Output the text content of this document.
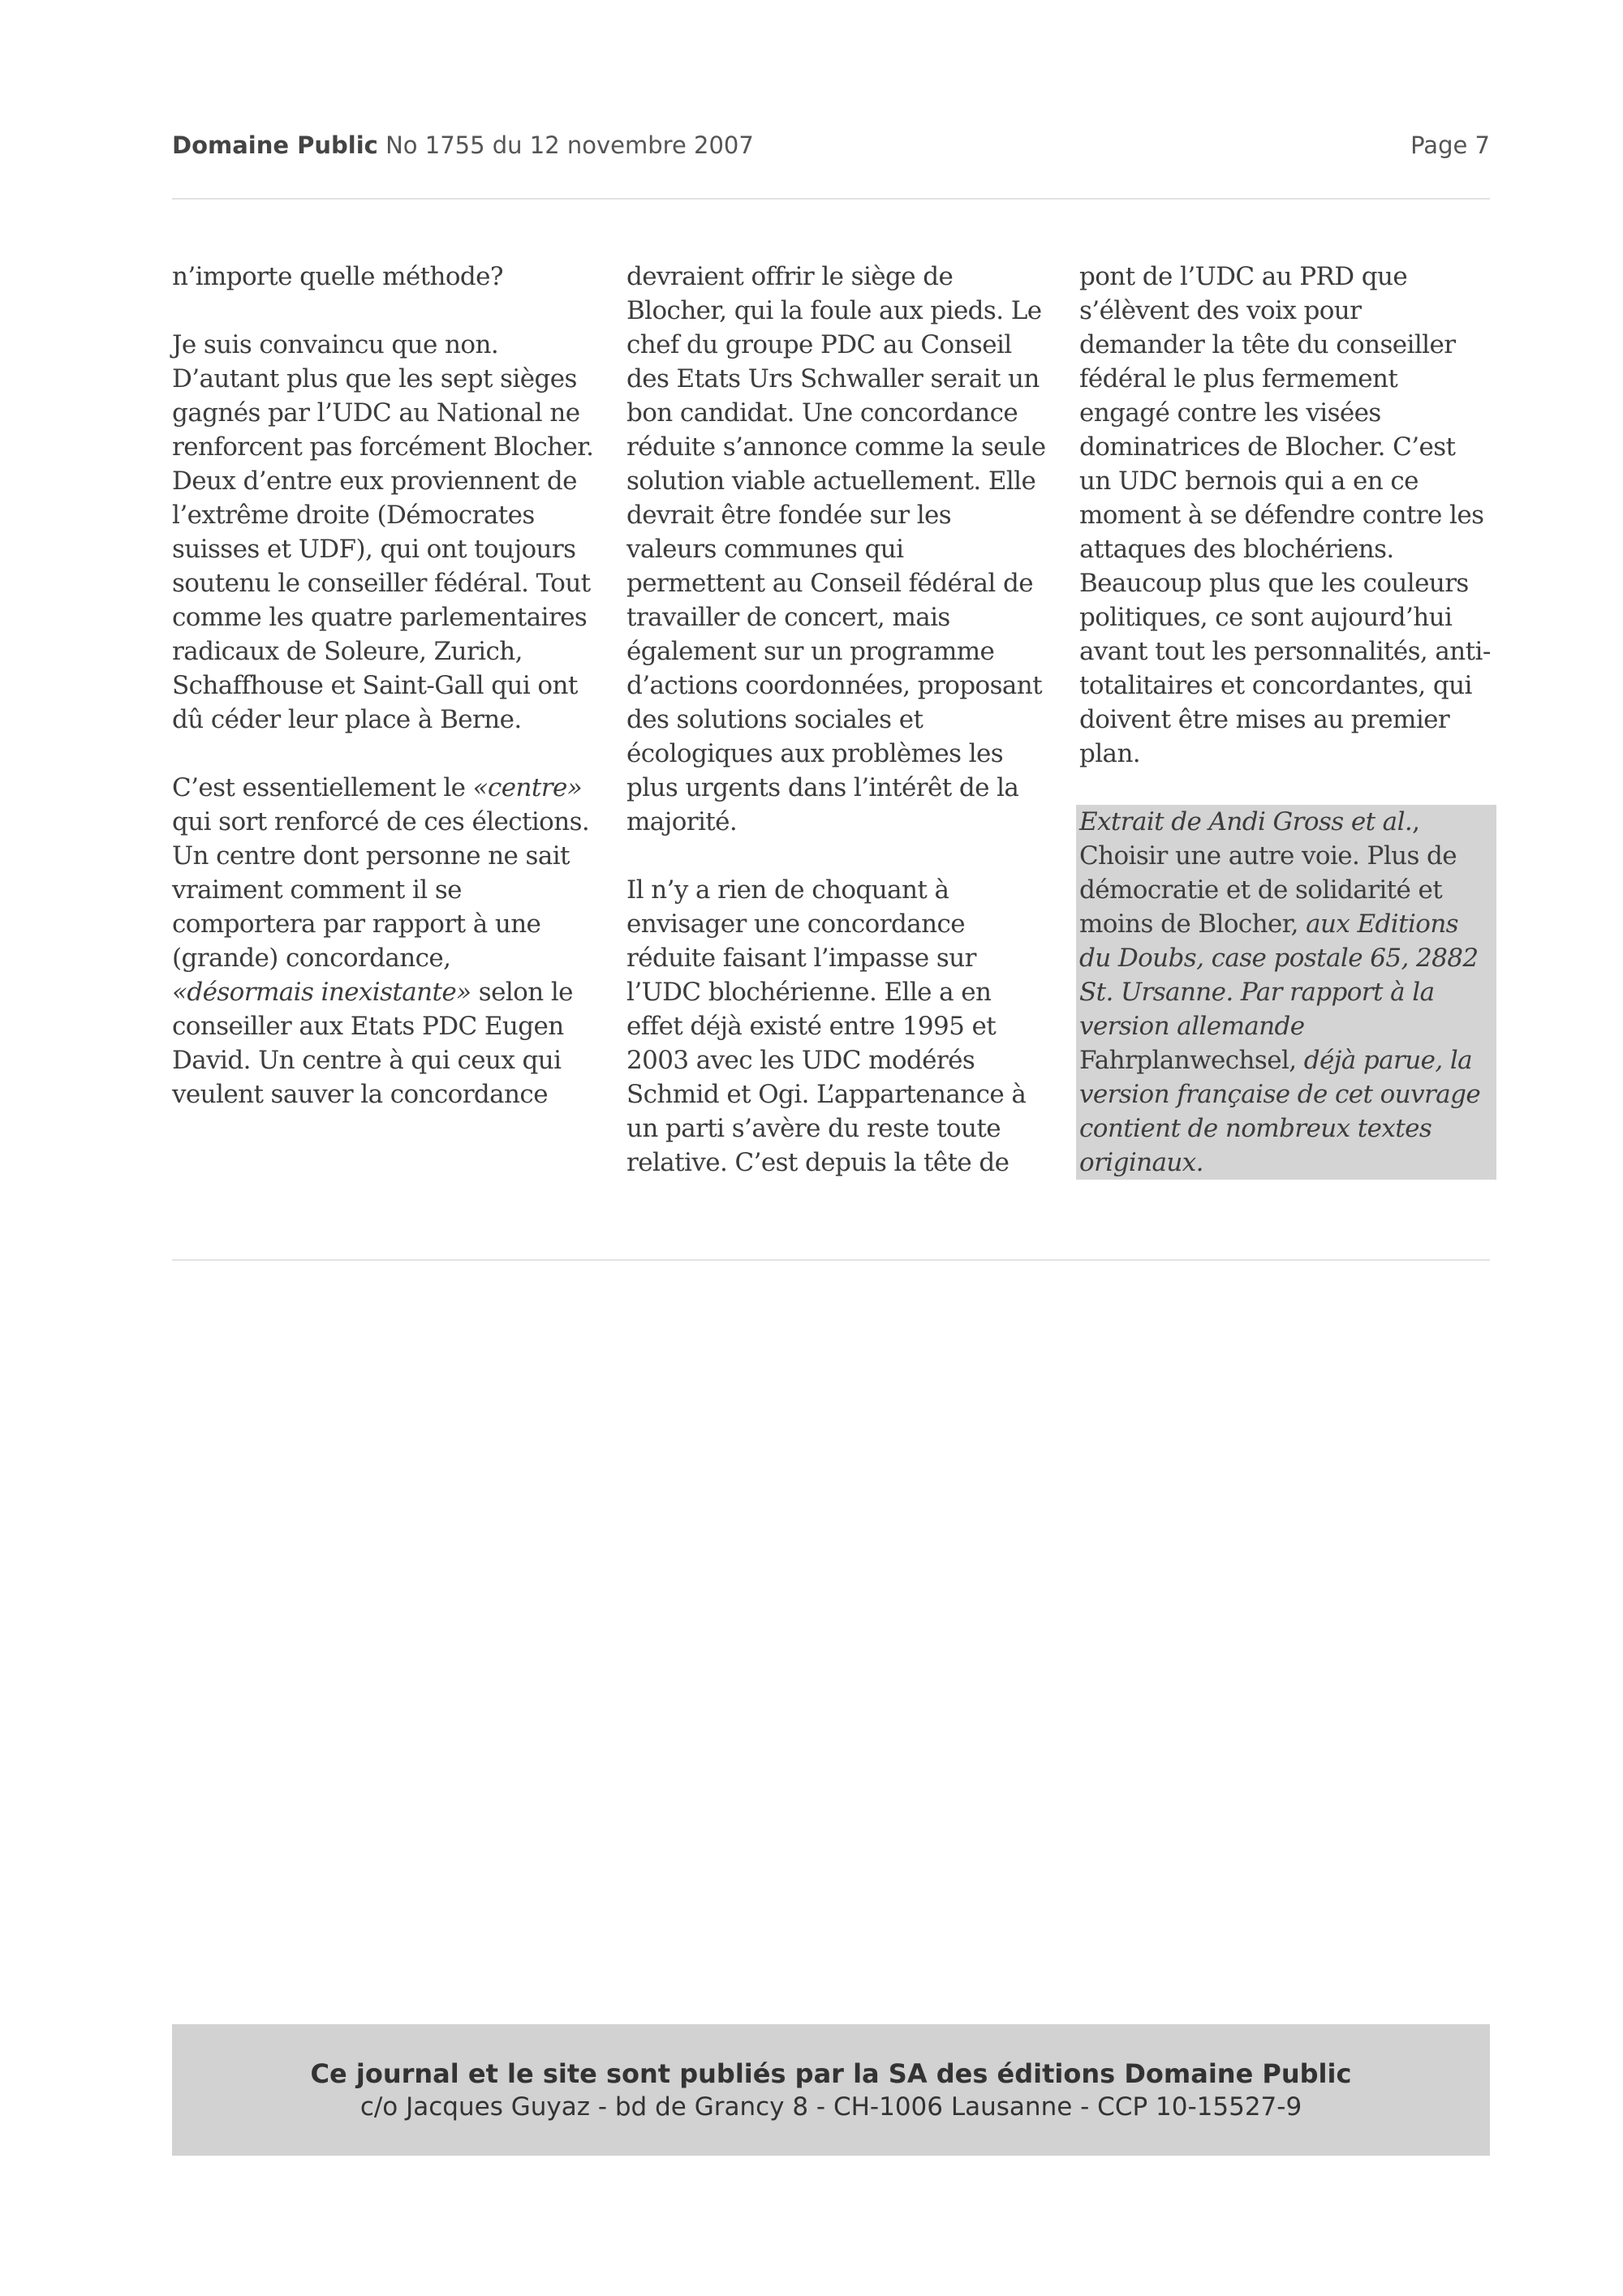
Domaine Public No 1755 du 12 novembre 2007	Page 7

n’importe quelle méthode?

Je suis convaincu que non. D’autant plus que les sept sièges gagnés par l’UDC au National ne renforcent pas forcément Blocher. Deux d’entre eux proviennent de l’extrême droite (Démocrates suisses et UDF), qui ont toujours soutenu le conseiller fédéral. Tout comme les quatre parlementaires radicaux de Soleure, Zurich, Schaffhouse et Saint-Gall qui ont dû céder leur place à Berne.

C’est essentiellement le «centre» qui sort renforcé de ces élections. Un centre dont personne ne sait vraiment comment il se comportera par rapport à une (grande) concordance, «désormais inexistante» selon le conseiller aux Etats PDC Eugen David. Un centre à qui ceux qui veulent sauver la concordance

devraient offrir le siège de Blocher, qui la foule aux pieds. Le chef du groupe PDC au Conseil des Etats Urs Schwaller serait un bon candidat. Une concordance réduite s’annonce comme la seule solution viable actuellement. Elle devrait être fondée sur les valeurs communes qui permettent au Conseil fédéral de travailler de concert, mais également sur un programme d’actions coordonnées, proposant des solutions sociales et écologiques aux problèmes les plus urgents dans l’intérêt de la majorité.

Il n’y a rien de choquant à envisager une concordance réduite faisant l’impasse sur l’UDC blochérienne. Elle a en effet déjà existé entre 1995 et 2003 avec les UDC modérés Schmid et Ogi. L’appartenance à un parti s’avère du reste toute relative. C’est depuis la tête de

pont de l’UDC au PRD que s’élèvent des voix pour demander la tête du conseiller fédéral le plus fermement engagé contre les visées dominatrices de Blocher. C’est un UDC bernois qui a en ce moment à se défendre contre les attaques des blochériens. Beaucoup plus que les couleurs politiques, ce sont aujourd’hui avant tout les personnalités, anti-totalitaires et concordantes, qui doivent être mises au premier plan.

Extrait de Andi Gross et al., Choisir une autre voie. Plus de démocratie et de solidarité et moins de Blocher, aux Editions du Doubs, case postale 65, 2882 St. Ursanne. Par rapport à la version allemande Fahrplanwechsel, déjà parue, la version française de cet ouvrage contient de nombreux textes originaux.

Ce journal et le site sont publiés par la SA des éditions Domaine Public
c/o Jacques Guyaz - bd de Grancy 8 - CH-1006 Lausanne - CCP 10-15527-9
